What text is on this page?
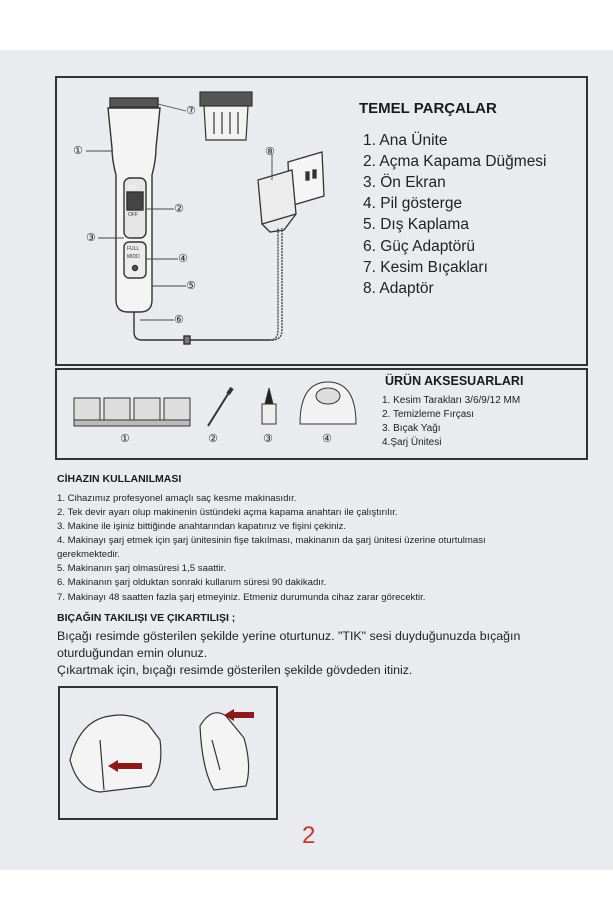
ON
OFF
FULL
MIDD
①
②
③
④
⑤
⑥
⑦
⑧
TEMEL PARÇALAR
1. Ana Ünite
2. Açma Kapama Düğmesi
3. Ön Ekran
4. Pil gösterge
5. Dış Kaplama
6. Güç Adaptörü
7. Kesim Bıçakları
8. Adaptör
①	②	③	④
ÜRÜN AKSESUARLARI
1. Kesim Tarakları 3/6/9/12 MM
2. Temizleme Fırçası
3. Bıçak Yağı
4.Şarj Ünitesi
CİHAZIN KULLANILMASI
1. Cihazımız profesyonel amaçlı saç kesme makinasıdır.
2. Tek devir ayarı olup makinenin üstündeki açma kapama anahtarı ile çalıştırılır.
3. Makine ile işiniz bittiğinde anahtarından kapatınız ve fişini çekiniz.
4. Makinayı şarj etmek için şarj ünitesinin fişe takılması, makinanın da şarj ünitesi üzerine oturtulması
gerekmektedir.
5. Makinanın şarj olmasüresi 1,5 saattir.
6. Makinanın şarj olduktan sonraki kullanım süresi 90 dakikadır.
7. Makinayı 48 saatten fazla şarj etmeyiniz. Etmeniz durumunda cihaz zarar görecektir.
BIÇAĞIN TAKILIŞI VE ÇIKARTILIŞI ;
Bıçağı resimde gösterilen şekilde yerine oturtunuz. "TIK" sesi duyduğunuzda bıçağın
oturduğundan emin olunuz.
Çıkartmak için, bıçağı resimde gösterilen şekilde gövdeden itiniz.
2
